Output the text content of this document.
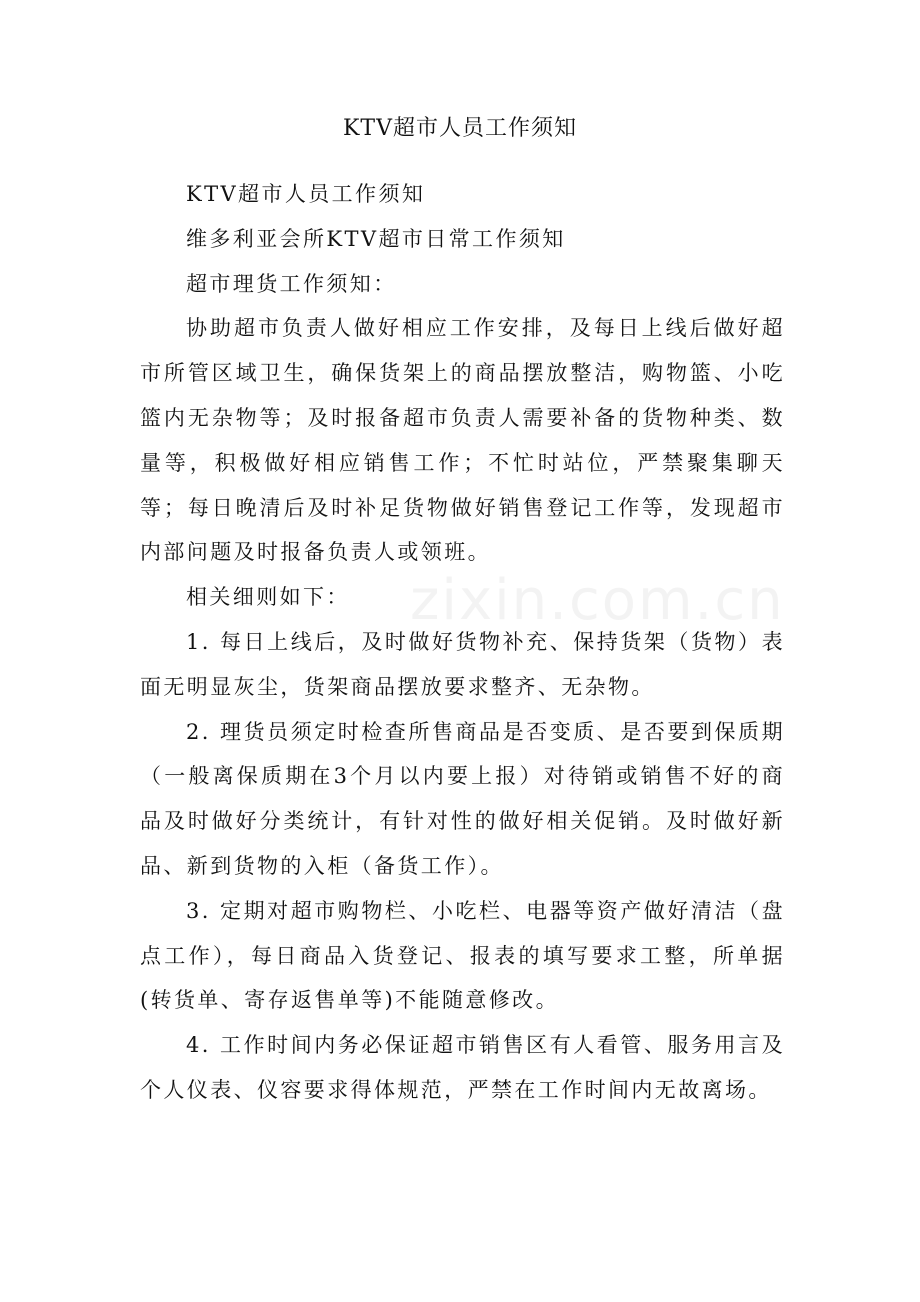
zixin.com.cn
KTV超市人员工作须知

KTV超市人员工作须知

维多利亚会所KTV超市日常工作须知

超市理货工作须知：

协助超市负责人做好相应工作安排，及每日上线后做好超市所管区域卫生，确保货架上的商品摆放整洁，购物篮、小吃篮内无杂物等；及时报备超市负责人需要补备的货物种类、数量等，积极做好相应销售工作；不忙时站位，严禁聚集聊天等；每日晚清后及时补足货物做好销售登记工作等，发现超市内部问题及时报备负责人或领班。

相关细则如下：

1. 每日上线后，及时做好货物补充、保持货架（货物）表面无明显灰尘，货架商品摆放要求整齐、无杂物。

2. 理货员须定时检查所售商品是否变质、是否要到保质期（一般离保质期在3个月以内要上报）对待销或销售不好的商品及时做好分类统计，有针对性的做好相关促销。及时做好新品、新到货物的入柜（备货工作）。

3. 定期对超市购物栏、小吃栏、电器等资产做好清洁（盘点工作），每日商品入货登记、报表的填写要求工整，所单据(转货单、寄存返售单等)不能随意修改。

4. 工作时间内务必保证超市销售区有人看管、服务用言及个人仪表、仪容要求得体规范，严禁在工作时间内无故离场。
